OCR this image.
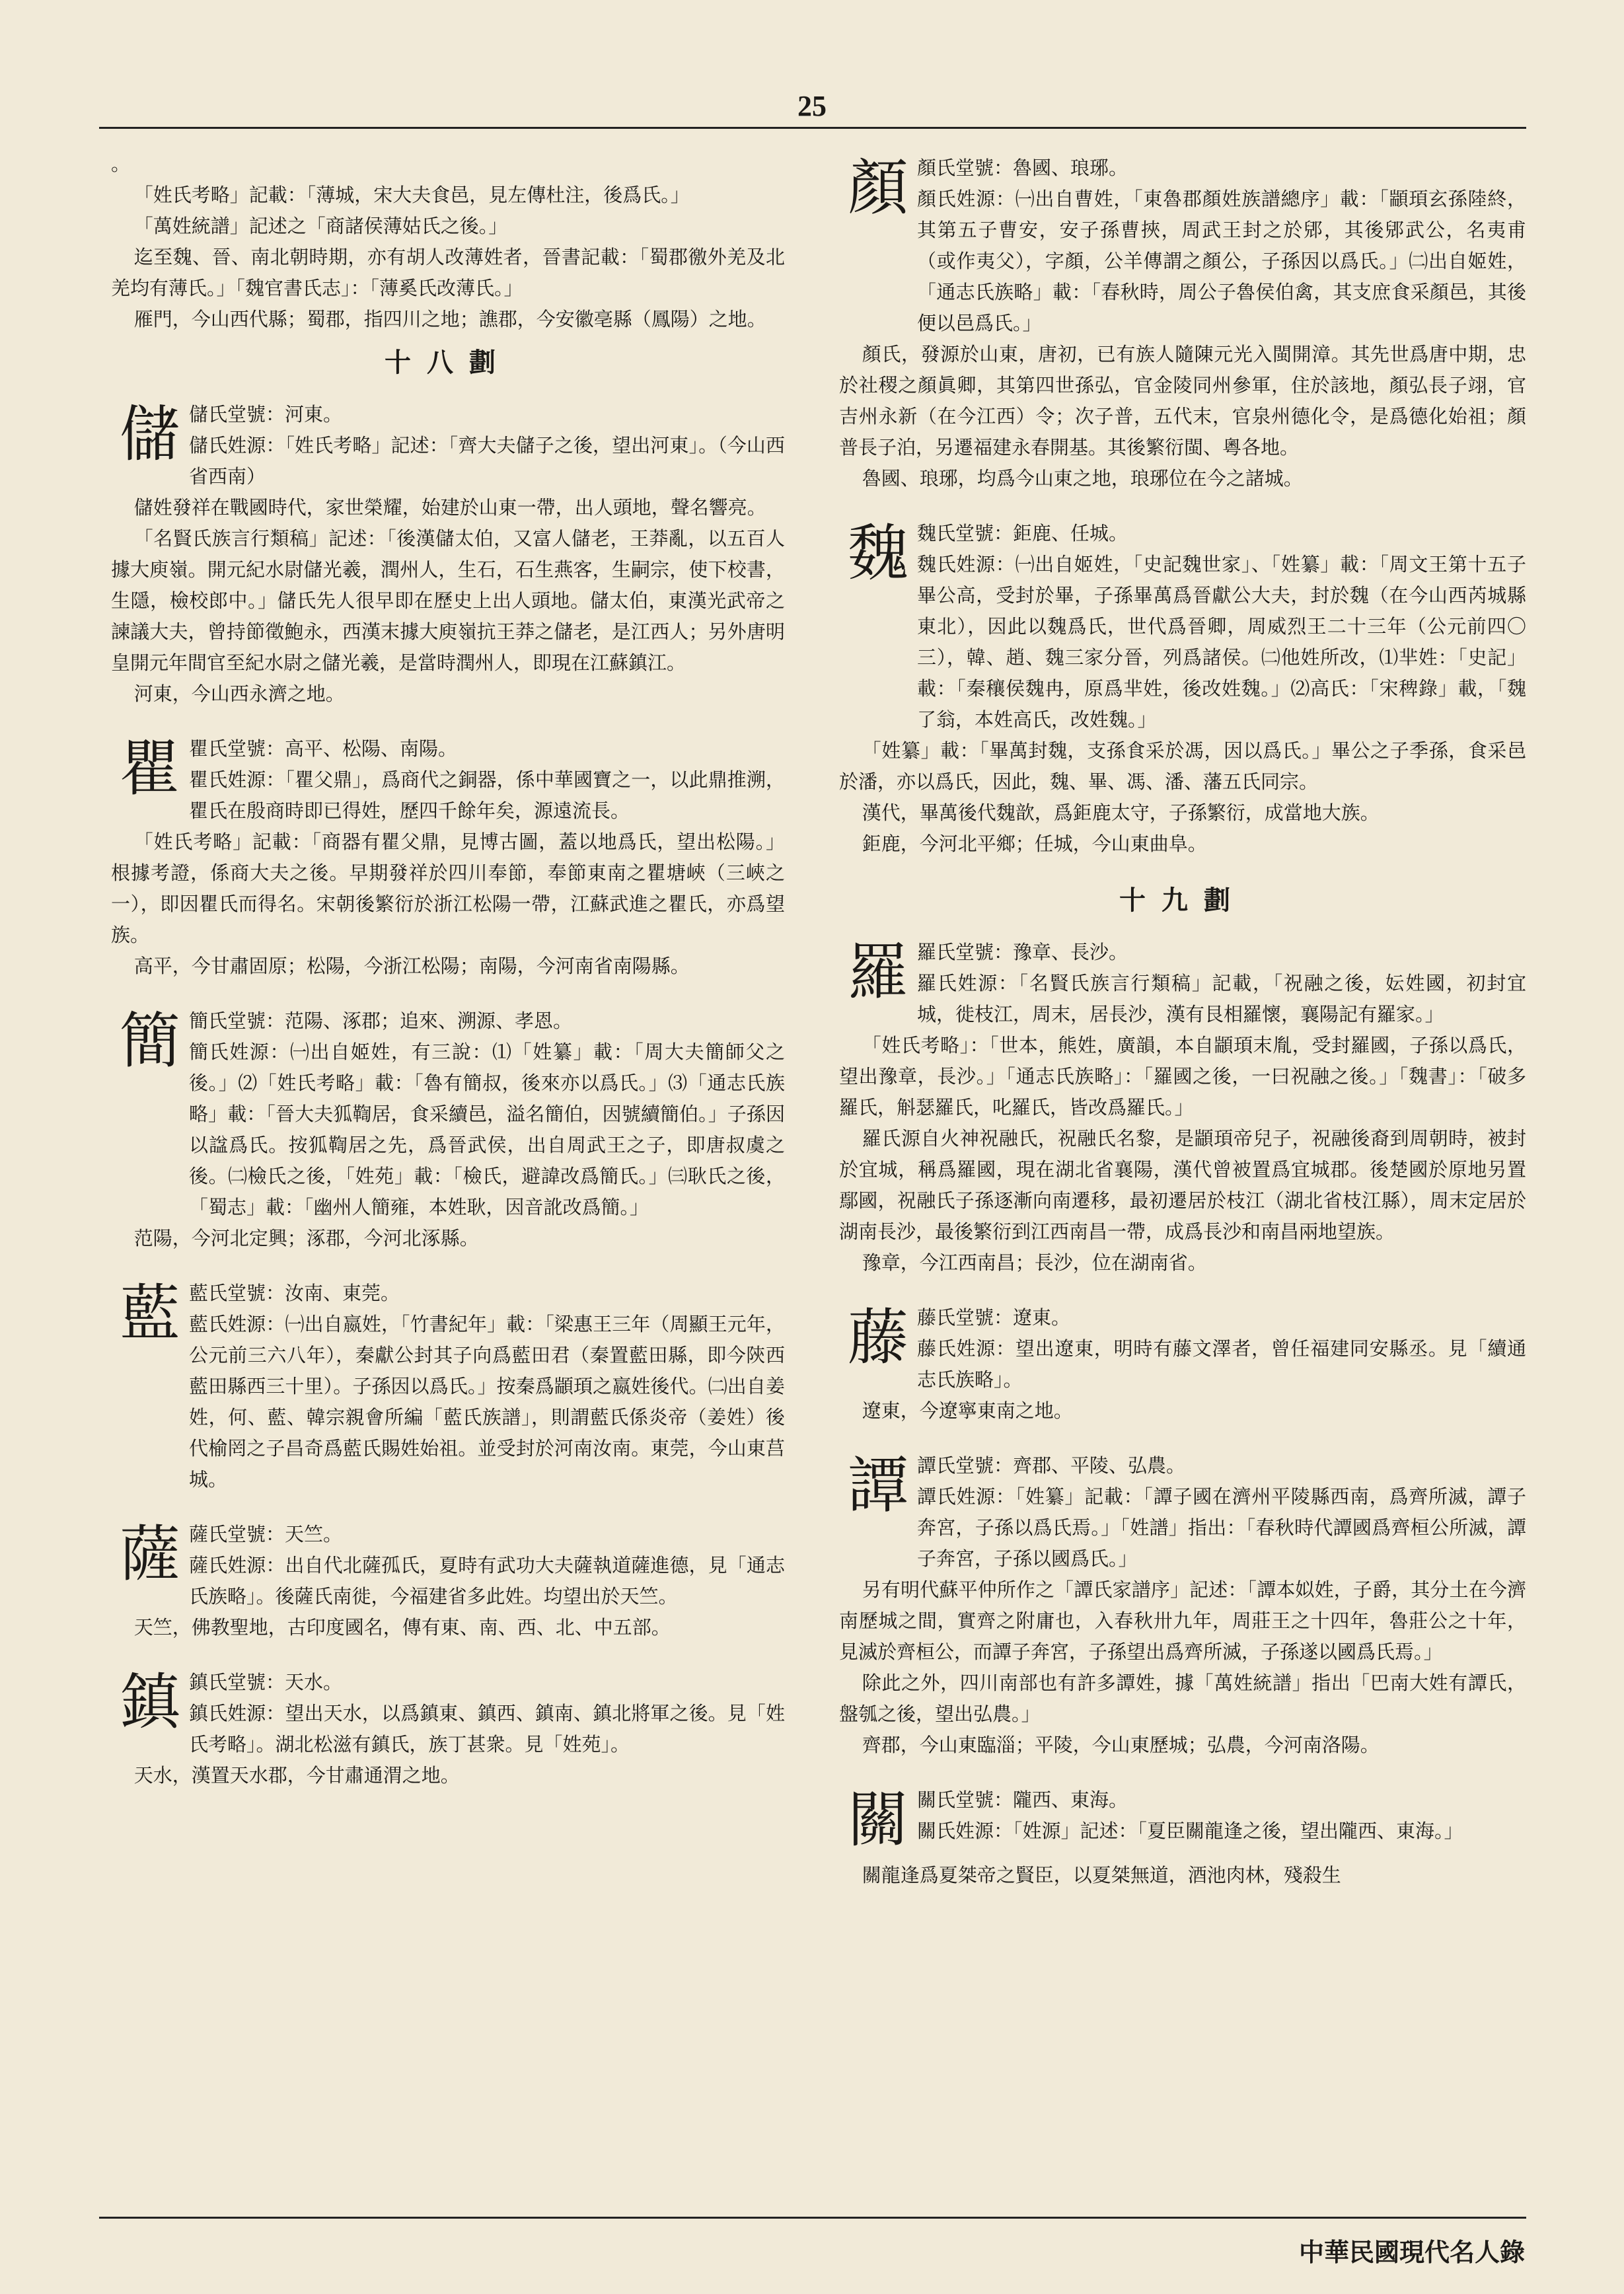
25

。

「姓氏考略」記載：「薄城，宋大夫食邑，見左傳杜注，後爲氏。」

「萬姓統譜」記述之「商諸侯薄姑氏之後。」

迄至魏、晉、南北朝時期，亦有胡人改薄姓者，晉書記載：「蜀郡徼外羌及北羌均有薄氏。」「魏官書氏志」：「薄奚氏改薄氏。」

雁門，今山西代縣；蜀郡，指四川之地；譙郡，今安徽亳縣（鳳陽）之地。

十八劃
儲 儲氏堂號：河東。

儲氏姓源：「姓氏考略」記述：「齊大夫儲子之後，望出河東」。（今山西省西南）

儲姓發祥在戰國時代，家世榮耀，始建於山東一帶，出人頭地，聲名響亮。

「名賢氏族言行類稿」記述：「後漢儲太伯，又富人儲老，王莽亂，以五百人據大庾嶺。開元紀水尉儲光羲，潤州人，生石，石生燕客，生嗣宗，使下校書，生隱，檢校郎中。」儲氏先人很早即在歷史上出人頭地。儲太伯，東漢光武帝之諫議大夫，曾持節徵鮑永，西漢末據大庾嶺抗王莽之儲老，是江西人；另外唐明皇開元年間官至紀水尉之儲光羲，是當時潤州人，即現在江蘇鎮江。

河東，今山西永濟之地。

瞿 瞿氏堂號：高平、松陽、南陽。

瞿氏姓源：「瞿父鼎」，爲商代之銅器，係中華國寶之一，以此鼎推溯，瞿氏在殷商時即已得姓，歷四千餘年矣，源遠流長。

「姓氏考略」記載：「商器有瞿父鼎，見博古圖，蓋以地爲氏，望出松陽。」根據考證，係商大夫之後。早期發祥於四川奉節，奉節東南之瞿塘峽（三峽之一），即因瞿氏而得名。宋朝後繁衍於浙江松陽一帶，江蘇武進之瞿氏，亦爲望族。

高平，今甘肅固原；松陽，今浙江松陽；南陽，今河南省南陽縣。

簡 簡氏堂號：范陽、涿郡；追來、溯源、孝恩。

簡氏姓源：㈠出自姬姓，有三說：⑴「姓纂」載：「周大夫簡師父之後。」⑵「姓氏考略」載：「魯有簡叔，後來亦以爲氏。」⑶「通志氏族略」載：「晉大夫狐鞫居，食采續邑，溢名簡伯，因號續簡伯。」子孫因以諡爲氏。按狐鞫居之先，爲晉武侯，出自周武王之子，即唐叔虞之後。㈡檢氏之後，「姓苑」載：「檢氏，避諱改爲簡氏。」㈢耿氏之後，「蜀志」載：「幽州人簡雍，本姓耿，因音訛改爲簡。」

范陽，今河北定興；涿郡，今河北涿縣。

藍 藍氏堂號：汝南、東莞。

藍氏姓源：㈠出自嬴姓，「竹書紀年」載：「梁惠王三年（周顯王元年，公元前三六八年），秦獻公封其子向爲藍田君（秦置藍田縣，即今陝西藍田縣西三十里）。子孫因以爲氏。」按秦爲顓頊之嬴姓後代。㈡出自姜姓，何、藍、韓宗親會所編「藍氏族譜」，則謂藍氏係炎帝（姜姓）後代榆罔之子昌奇爲藍氏賜姓始祖。並受封於河南汝南。東莞，今山東莒城。

薩 薩氏堂號：天竺。

薩氏姓源：出自代北薩孤氏，夏時有武功大夫薩執道薩進德，見「通志氏族略」。後薩氏南徙，今福建省多此姓。均望出於天竺。

天竺，佛教聖地，古印度國名，傳有東、南、西、北、中五部。

鎮 鎮氏堂號：天水。

鎮氏姓源：望出天水，以爲鎮東、鎮西、鎮南、鎮北將軍之後。見「姓氏考略」。湖北松滋有鎮氏，族丁甚衆。見「姓苑」。

天水，漢置天水郡，今甘肅通渭之地。

顏 顏氏堂號：魯國、琅琊。

顏氏姓源：㈠出自曹姓，「東魯郡顏姓族譜總序」載：「顓頊玄孫陸終，其第五子曹安，安子孫曹挾，周武王封之於郳，其後郳武公，名夷甫（或作夷父），字顏，公羊傳謂之顏公，子孫因以爲氏。」㈡出自姬姓，「通志氏族略」載：「春秋時，周公子魯侯伯禽，其支庶食采顏邑，其後便以邑爲氏。」

顏氏，發源於山東，唐初，已有族人隨陳元光入閩開漳。其先世爲唐中期，忠於社稷之顏眞卿，其第四世孫弘，官金陵同州參軍，住於該地，顏弘長子翊，官吉州永新（在今江西）令；次子普，五代末，官泉州德化令，是爲德化始祖；顏普長子泊，另遷福建永春開基。其後繁衍閩、粵各地。

魯國、琅琊，均爲今山東之地，琅琊位在今之諸城。

魏 魏氏堂號：鉅鹿、任城。

魏氏姓源：㈠出自姬姓，「史記魏世家」、「姓纂」載：「周文王第十五子畢公高，受封於畢，子孫畢萬爲晉獻公大夫，封於魏（在今山西芮城縣東北），因此以魏爲氏，世代爲晉卿，周威烈王二十三年（公元前四〇三），韓、趙、魏三家分晉，列爲諸侯。㈡他姓所改，⑴芈姓：「史記」載：「秦穰侯魏冉，原爲芈姓，後改姓魏。」⑵高氏：「宋稗錄」載，「魏了翁，本姓高氏，改姓魏。」

「姓纂」載：「畢萬封魏，支孫食采於馮，因以爲氏。」畢公之子季孫，食采邑於潘，亦以爲氏，因此，魏、畢、馮、潘、藩五氏同宗。

漢代，畢萬後代魏歆，爲鉅鹿太守，子孫繁衍，成當地大族。

鉅鹿，今河北平鄉；任城，今山東曲阜。

十九劃
羅 羅氏堂號：豫章、長沙。

羅氏姓源：「名賢氏族言行類稿」記載，「祝融之後，妘姓國，初封宜城，徙枝江，周末，居長沙，漢有艮相羅懷，襄陽記有羅家。」

「姓氏考略」：「世本，熊姓，廣韻，本自顓頊末胤，受封羅國，子孫以爲氏，望出豫章，長沙。」「通志氏族略」：「羅國之後，一曰祝融之後。」「魏書」：「破多羅氏，斛瑟羅氏，叱羅氏，皆改爲羅氏。」

羅氏源自火神祝融氏，祝融氏名黎，是顓頊帝兒子，祝融後裔到周朝時，被封於宜城，稱爲羅國，現在湖北省襄陽，漢代曾被置爲宜城郡。後楚國於原地另置鄢國，祝融氏子孫逐漸向南遷移，最初遷居於枝江（湖北省枝江縣），周末定居於湖南長沙，最後繁衍到江西南昌一帶，成爲長沙和南昌兩地望族。

豫章，今江西南昌；長沙，位在湖南省。

藤 藤氏堂號：遼東。

藤氏姓源：望出遼東，明時有藤文澤者，曾任福建同安縣丞。見「續通志氏族略」。

遼東，今遼寧東南之地。

譚 譚氏堂號：齊郡、平陵、弘農。

譚氏姓源：「姓纂」記載：「譚子國在濟州平陵縣西南，爲齊所滅，譚子奔宮，子孫以爲氏焉。」「姓譜」指出：「春秋時代譚國爲齊桓公所滅，譚子奔宮，子孫以國爲氏。」

另有明代蘇平仲所作之「譚氏家譜序」記述：「譚本姒姓，子爵，其分土在今濟南歷城之間，實齊之附庸也，入春秋卅九年，周莊王之十四年，魯莊公之十年，見滅於齊桓公，而譚子奔宮，子孫望出爲齊所滅，子孫遂以國爲氏焉。」

除此之外，四川南部也有許多譚姓，據「萬姓統譜」指出「巴南大姓有譚氏，盤瓠之後，望出弘農。」

齊郡，今山東臨淄；平陵，今山東歷城；弘農，今河南洛陽。

關 關氏堂號：隴西、東海。

關氏姓源：「姓源」記述：「夏臣關龍逢之後，望出隴西、東海。」

關龍逢爲夏桀帝之賢臣，以夏桀無道，酒池肉林，殘殺生

中華民國現代名人錄
